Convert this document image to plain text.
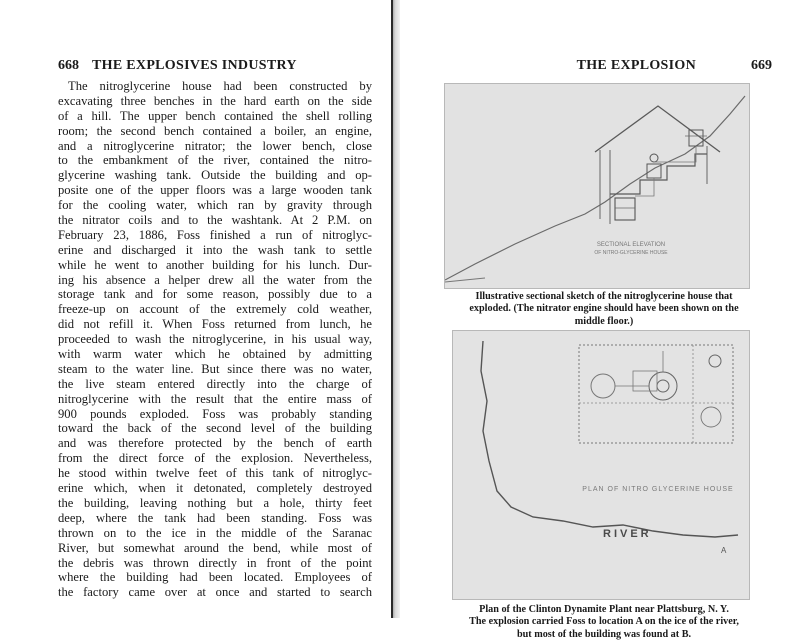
668 THE EXPLOSIVES INDUSTRY
The nitroglycerine house had been constructed by
excavating three benches in the hard earth on the side
of a hill. The upper bench contained the shell rolling
room; the second bench contained a boiler, an engine,
and a nitroglycerine nitrator; the lower bench, close
to the embankment of the river, contained the nitro-
glycerine washing tank. Outside the building and op-
posite one of the upper floors was a large wooden tank
for the cooling water, which ran by gravity through
the nitrator coils and to the washtank. At 2 P.M. on
February 23, 1886, Foss finished a run of nitroglyc-
erine and discharged it into the wash tank to settle
while he went to another building for his lunch. Dur-
ing his absence a helper drew all the water from the
storage tank and for some reason, possibly due to a
freeze-up on account of the extremely cold weather,
did not refill it. When Foss returned from lunch, he
proceeded to wash the nitroglycerine, in his usual way,
with warm water which he obtained by admitting
steam to the water line. But since there was no water,
the live steam entered directly into the charge of
nitroglycerine with the result that the entire mass of
900 pounds exploded. Foss was probably standing
toward the back of the second level of the building
and was therefore protected by the bench of earth
from the direct force of the explosion. Nevertheless,
he stood within twelve feet of this tank of nitroglyc-
erine which, when it detonated, completely destroyed
the building, leaving nothing but a hole, thirty feet
deep, where the tank had been standing. Foss was
thrown on to the ice in the middle of the Saranac
River, but somewhat around the bend, while most of
the debris was thrown directly in front of the point
where the building had been located. Employees of
the factory came over at once and started to search
THE EXPLOSION	669
SECTIONAL ELEVATION
OF NITRO-GLYCERINE HOUSE
Illustrative sectional sketch of the nitroglycerine house that
exploded. (The nitrator engine should have been shown on the
middle floor.)
PLAN OF NITRO GLYCERINE HOUSE
RIVER
A
Plan of the Clinton Dynamite Plant near Plattsburg, N. Y.
The explosion carried Foss to location A on the ice of the river,
but most of the building was found at B.
